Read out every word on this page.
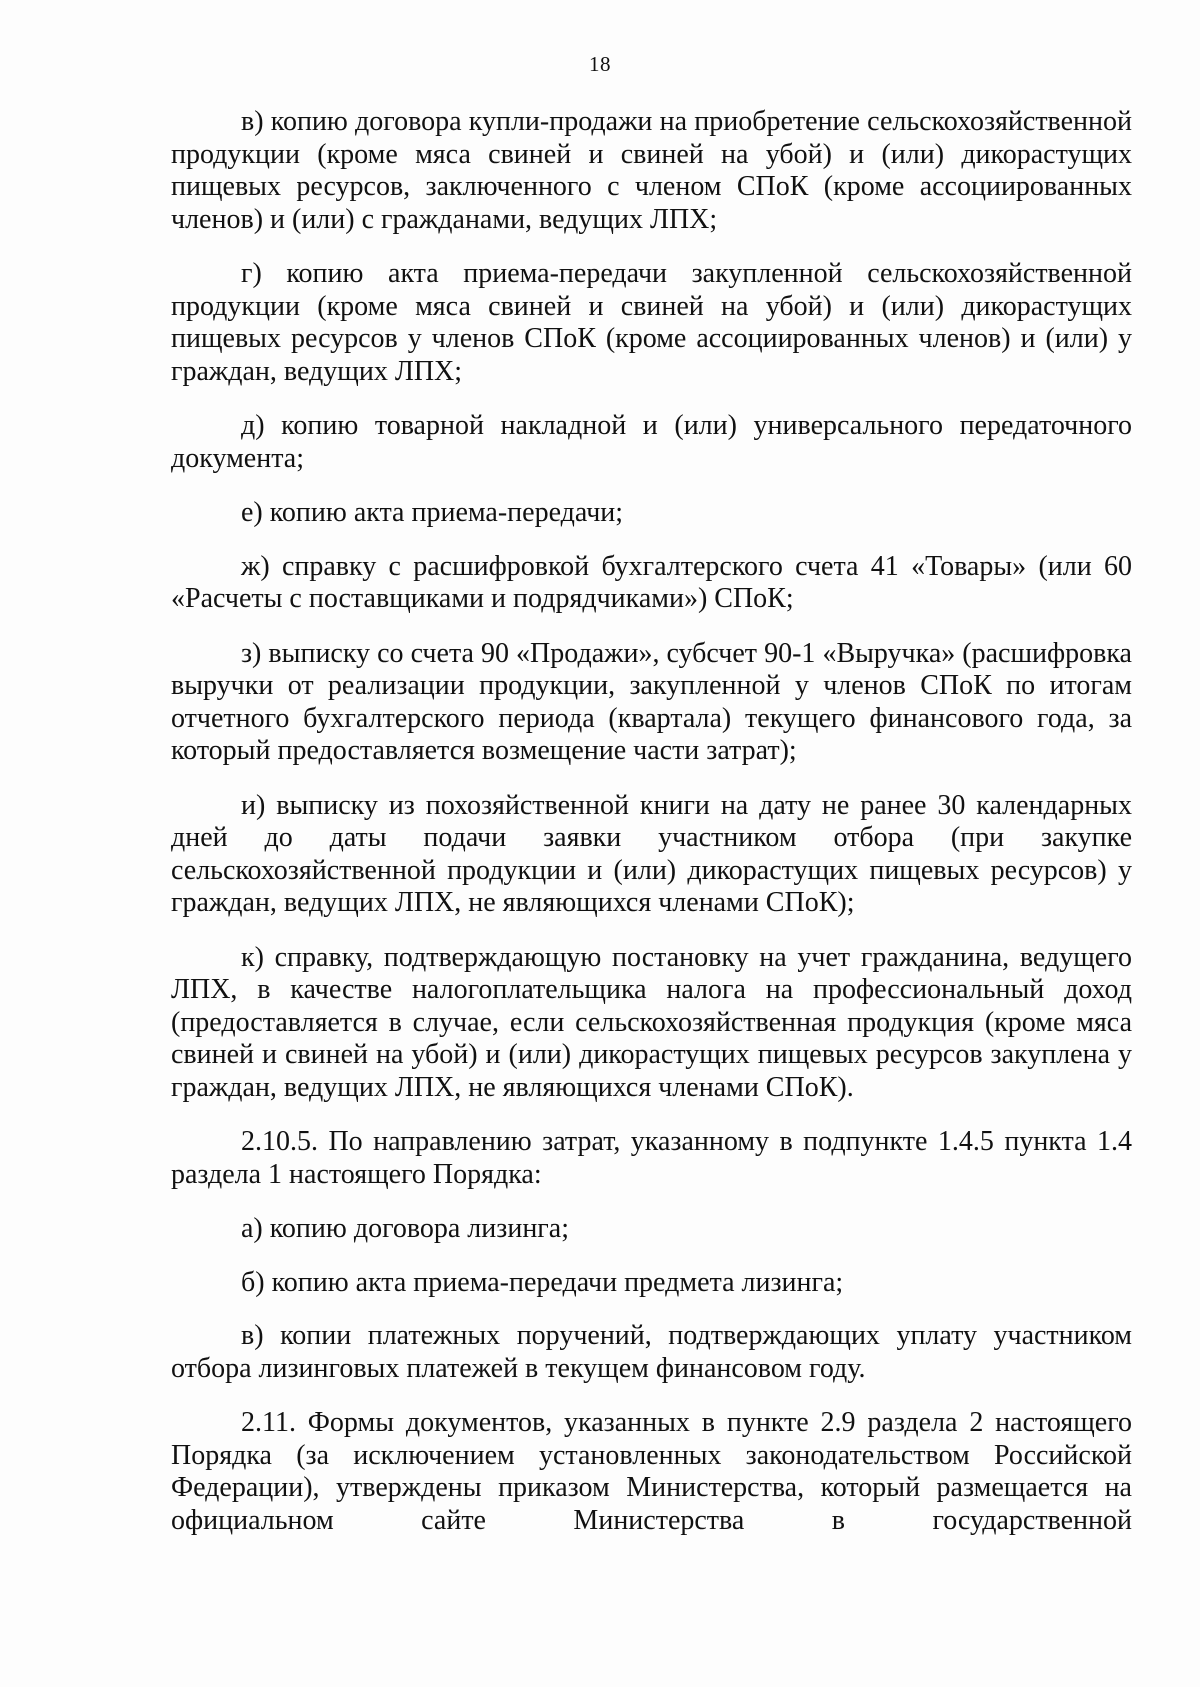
18

в) копию договора купли-продажи на приобретение сельскохозяйственной продукции (кроме мяса свиней и свиней на убой) и (или) дикорастущих пищевых ресурсов, заключенного с членом СПоК (кроме ассоциированных членов) и (или) с гражданами, ведущих ЛПХ;

г) копию акта приема-передачи закупленной сельскохозяйственной продукции (кроме мяса свиней и свиней на убой) и (или) дикорастущих пищевых ресурсов у членов СПоК (кроме ассоциированных членов) и (или) у граждан, ведущих ЛПХ;

д) копию товарной накладной и (или) универсального передаточного документа;

е) копию акта приема-передачи;

ж) справку с расшифровкой бухгалтерского счета 41 «Товары» (или 60 «Расчеты с поставщиками и подрядчиками») СПоК;

з) выписку со счета 90 «Продажи», субсчет 90-1 «Выручка» (расшифровка выручки от реализации продукции, закупленной у членов СПоК по итогам отчетного бухгалтерского периода (квартала) текущего финансового года, за который предоставляется возмещение части затрат);

и) выписку из похозяйственной книги на дату не ранее 30 календарных дней до даты подачи заявки участником отбора (при закупке сельскохозяйственной продукции и (или) дикорастущих пищевых ресурсов) у граждан, ведущих ЛПХ, не являющихся членами СПоК);

к) справку, подтверждающую постановку на учет гражданина, ведущего ЛПХ, в качестве налогоплательщика налога на профессиональный доход (предоставляется в случае, если сельскохозяйственная продукция (кроме мяса свиней и свиней на убой) и (или) дикорастущих пищевых ресурсов закуплена у граждан, ведущих ЛПХ, не являющихся членами СПоК).

2.10.5. По направлению затрат, указанному в подпункте 1.4.5 пункта 1.4 раздела 1 настоящего Порядка:

а) копию договора лизинга;

б) копию акта приема-передачи предмета лизинга;

в) копии платежных поручений, подтверждающих уплату участником отбора лизинговых платежей в текущем финансовом году.

2.11. Формы документов, указанных в пункте 2.9 раздела 2 настоящего Порядка (за исключением установленных законодательством Российской Федерации), утверждены приказом Министерства, который размещается на официальном сайте Министерства в государственной
